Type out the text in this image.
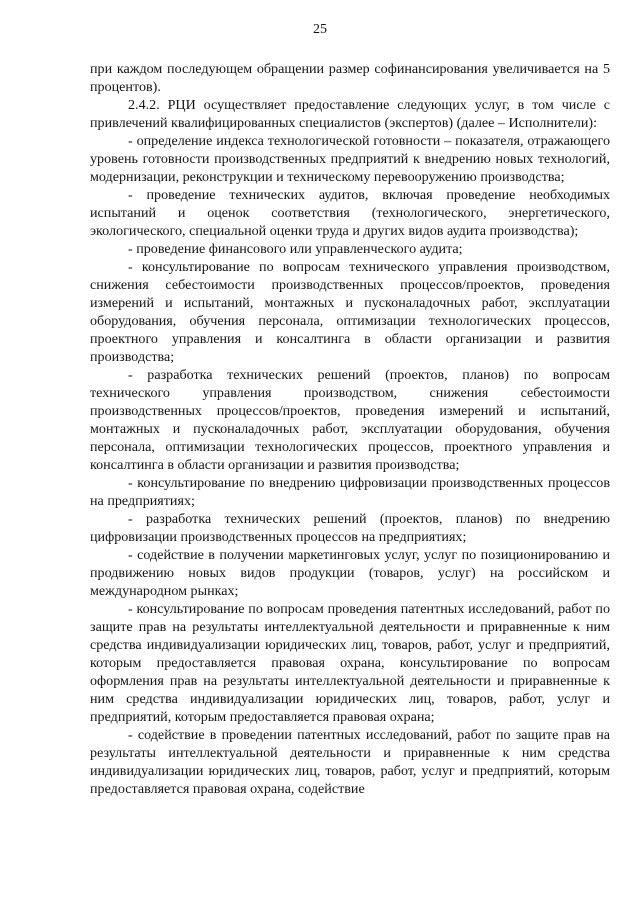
25

при каждом последующем обращении размер софинансирования увеличивается на 5 процентов).

2.4.2. РЦИ осуществляет предоставление следующих услуг, в том числе с привлечений квалифицированных специалистов (экспертов) (далее – Исполнители):

- определение индекса технологической готовности – показателя, отражающего уровень готовности производственных предприятий к внедрению новых технологий, модернизации, реконструкции и техническому перевооружению производства;

- проведение технических аудитов, включая проведение необходимых испытаний и оценок соответствия (технологического, энергетического, экологического, специальной оценки труда и других видов аудита производства);

- проведение финансового или управленческого аудита;

- консультирование по вопросам технического управления производством, снижения себестоимости производственных процессов/проектов, проведения измерений и испытаний, монтажных и пусконаладочных работ, эксплуатации оборудования, обучения персонала, оптимизации технологических процессов, проектного управления и консалтинга в области организации и развития производства;

- разработка технических решений (проектов, планов) по вопросам технического управления производством, снижения себестоимости производственных процессов/проектов, проведения измерений и испытаний, монтажных и пусконаладочных работ, эксплуатации оборудования, обучения персонала, оптимизации технологических процессов, проектного управления и консалтинга в области организации и развития производства;

- консультирование по внедрению цифровизации производственных процессов на предприятиях;

- разработка технических решений (проектов, планов) по внедрению цифровизации производственных процессов на предприятиях;

- содействие в получении маркетинговых услуг, услуг по позиционированию и продвижению новых видов продукции (товаров, услуг) на российском и международном рынках;

- консультирование по вопросам проведения патентных исследований, работ по защите прав на результаты интеллектуальной деятельности и приравненные к ним средства индивидуализации юридических лиц, товаров, работ, услуг и предприятий, которым предоставляется правовая охрана, консультирование по вопросам оформления прав на результаты интеллектуальной деятельности и приравненные к ним средства индивидуализации юридических лиц, товаров, работ, услуг и предприятий, которым предоставляется правовая охрана;

- содействие в проведении патентных исследований, работ по защите прав на результаты интеллектуальной деятельности и приравненные к ним средства индивидуализации юридических лиц, товаров, работ, услуг и предприятий, которым предоставляется правовая охрана, содействие
